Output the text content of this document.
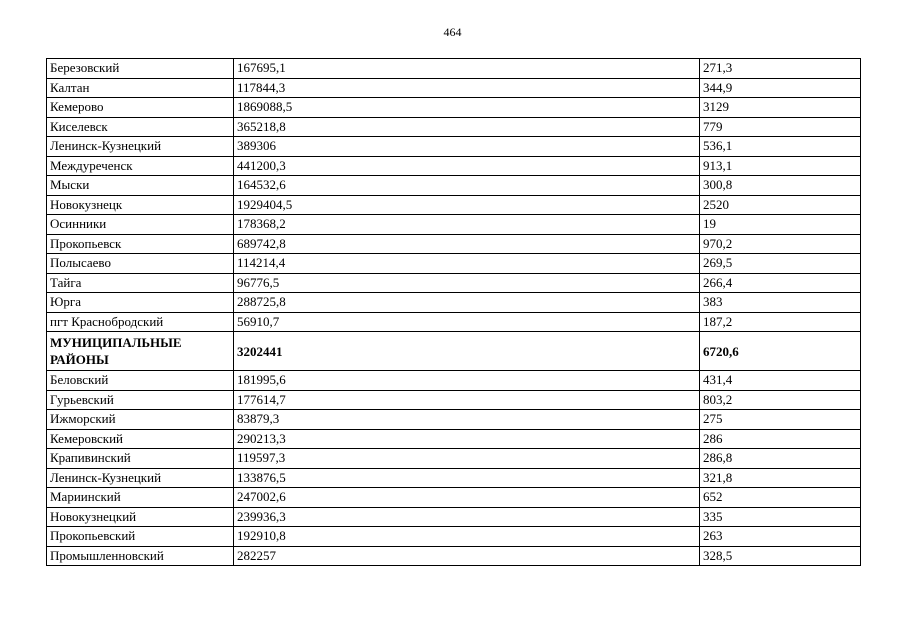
464
Березовский	167695,1	271,3
Калтан	117844,3	344,9
Кемерово	1869088,5	3129
Киселевск	365218,8	779
Ленинск-Кузнецкий	389306	536,1
Междуреченск	441200,3	913,1
Мыски	164532,6	300,8
Новокузнецк	1929404,5	2520
Осинники	178368,2	19
Прокопьевск	689742,8	970,2
Полысаево	114214,4	269,5
Тайга	96776,5	266,4
Юрга	288725,8	383
пгт Краснобродский	56910,7	187,2
МУНИЦИПАЛЬНЫЕ РАЙОНЫ	3202441	6720,6
Беловский	181995,6	431,4
Гурьевский	177614,7	803,2
Ижморский	83879,3	275
Кемеровский	290213,3	286
Крапивинский	119597,3	286,8
Ленинск-Кузнецкий	133876,5	321,8
Мариинский	247002,6	652
Новокузнецкий	239936,3	335
Прокопьевский	192910,8	263
Промышленновский	282257	328,5
